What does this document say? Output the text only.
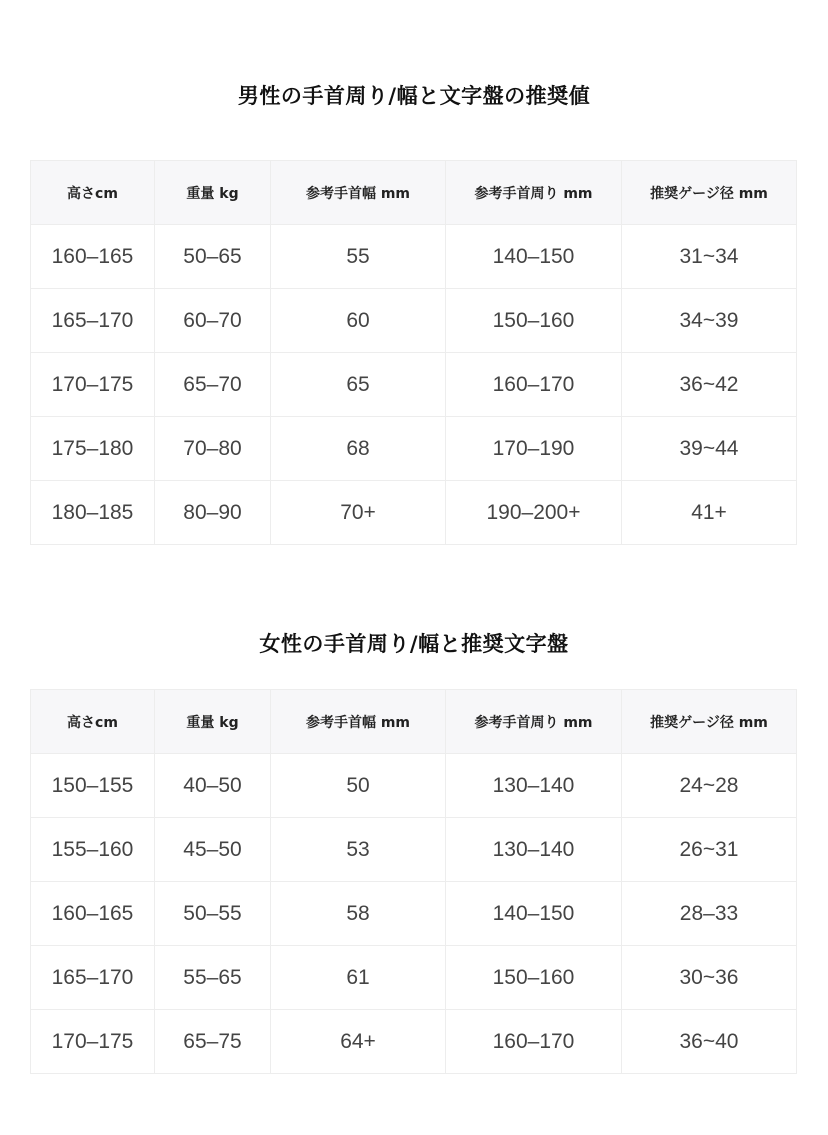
男性の手首周り/幅と文字盤の推奨値
高さcm	重量 kg	参考手首幅 mm	参考手首周り mm	推奨ゲージ径 mm
160–165	50–65	55	140–150	31~34
165–170	60–70	60	150–160	34~39
170–175	65–70	65	160–170	36~42
175–180	70–80	68	170–190	39~44
180–185	80–90	70+	190–200+	41+
女性の手首周り/幅と推奨文字盤
高さcm	重量 kg	参考手首幅 mm	参考手首周り mm	推奨ゲージ径 mm
150–155	40–50	50	130–140	24~28
155–160	45–50	53	130–140	26~31
160–165	50–55	58	140–150	28–33
165–170	55–65	61	150–160	30~36
170–175	65–75	64+	160–170	36~40
